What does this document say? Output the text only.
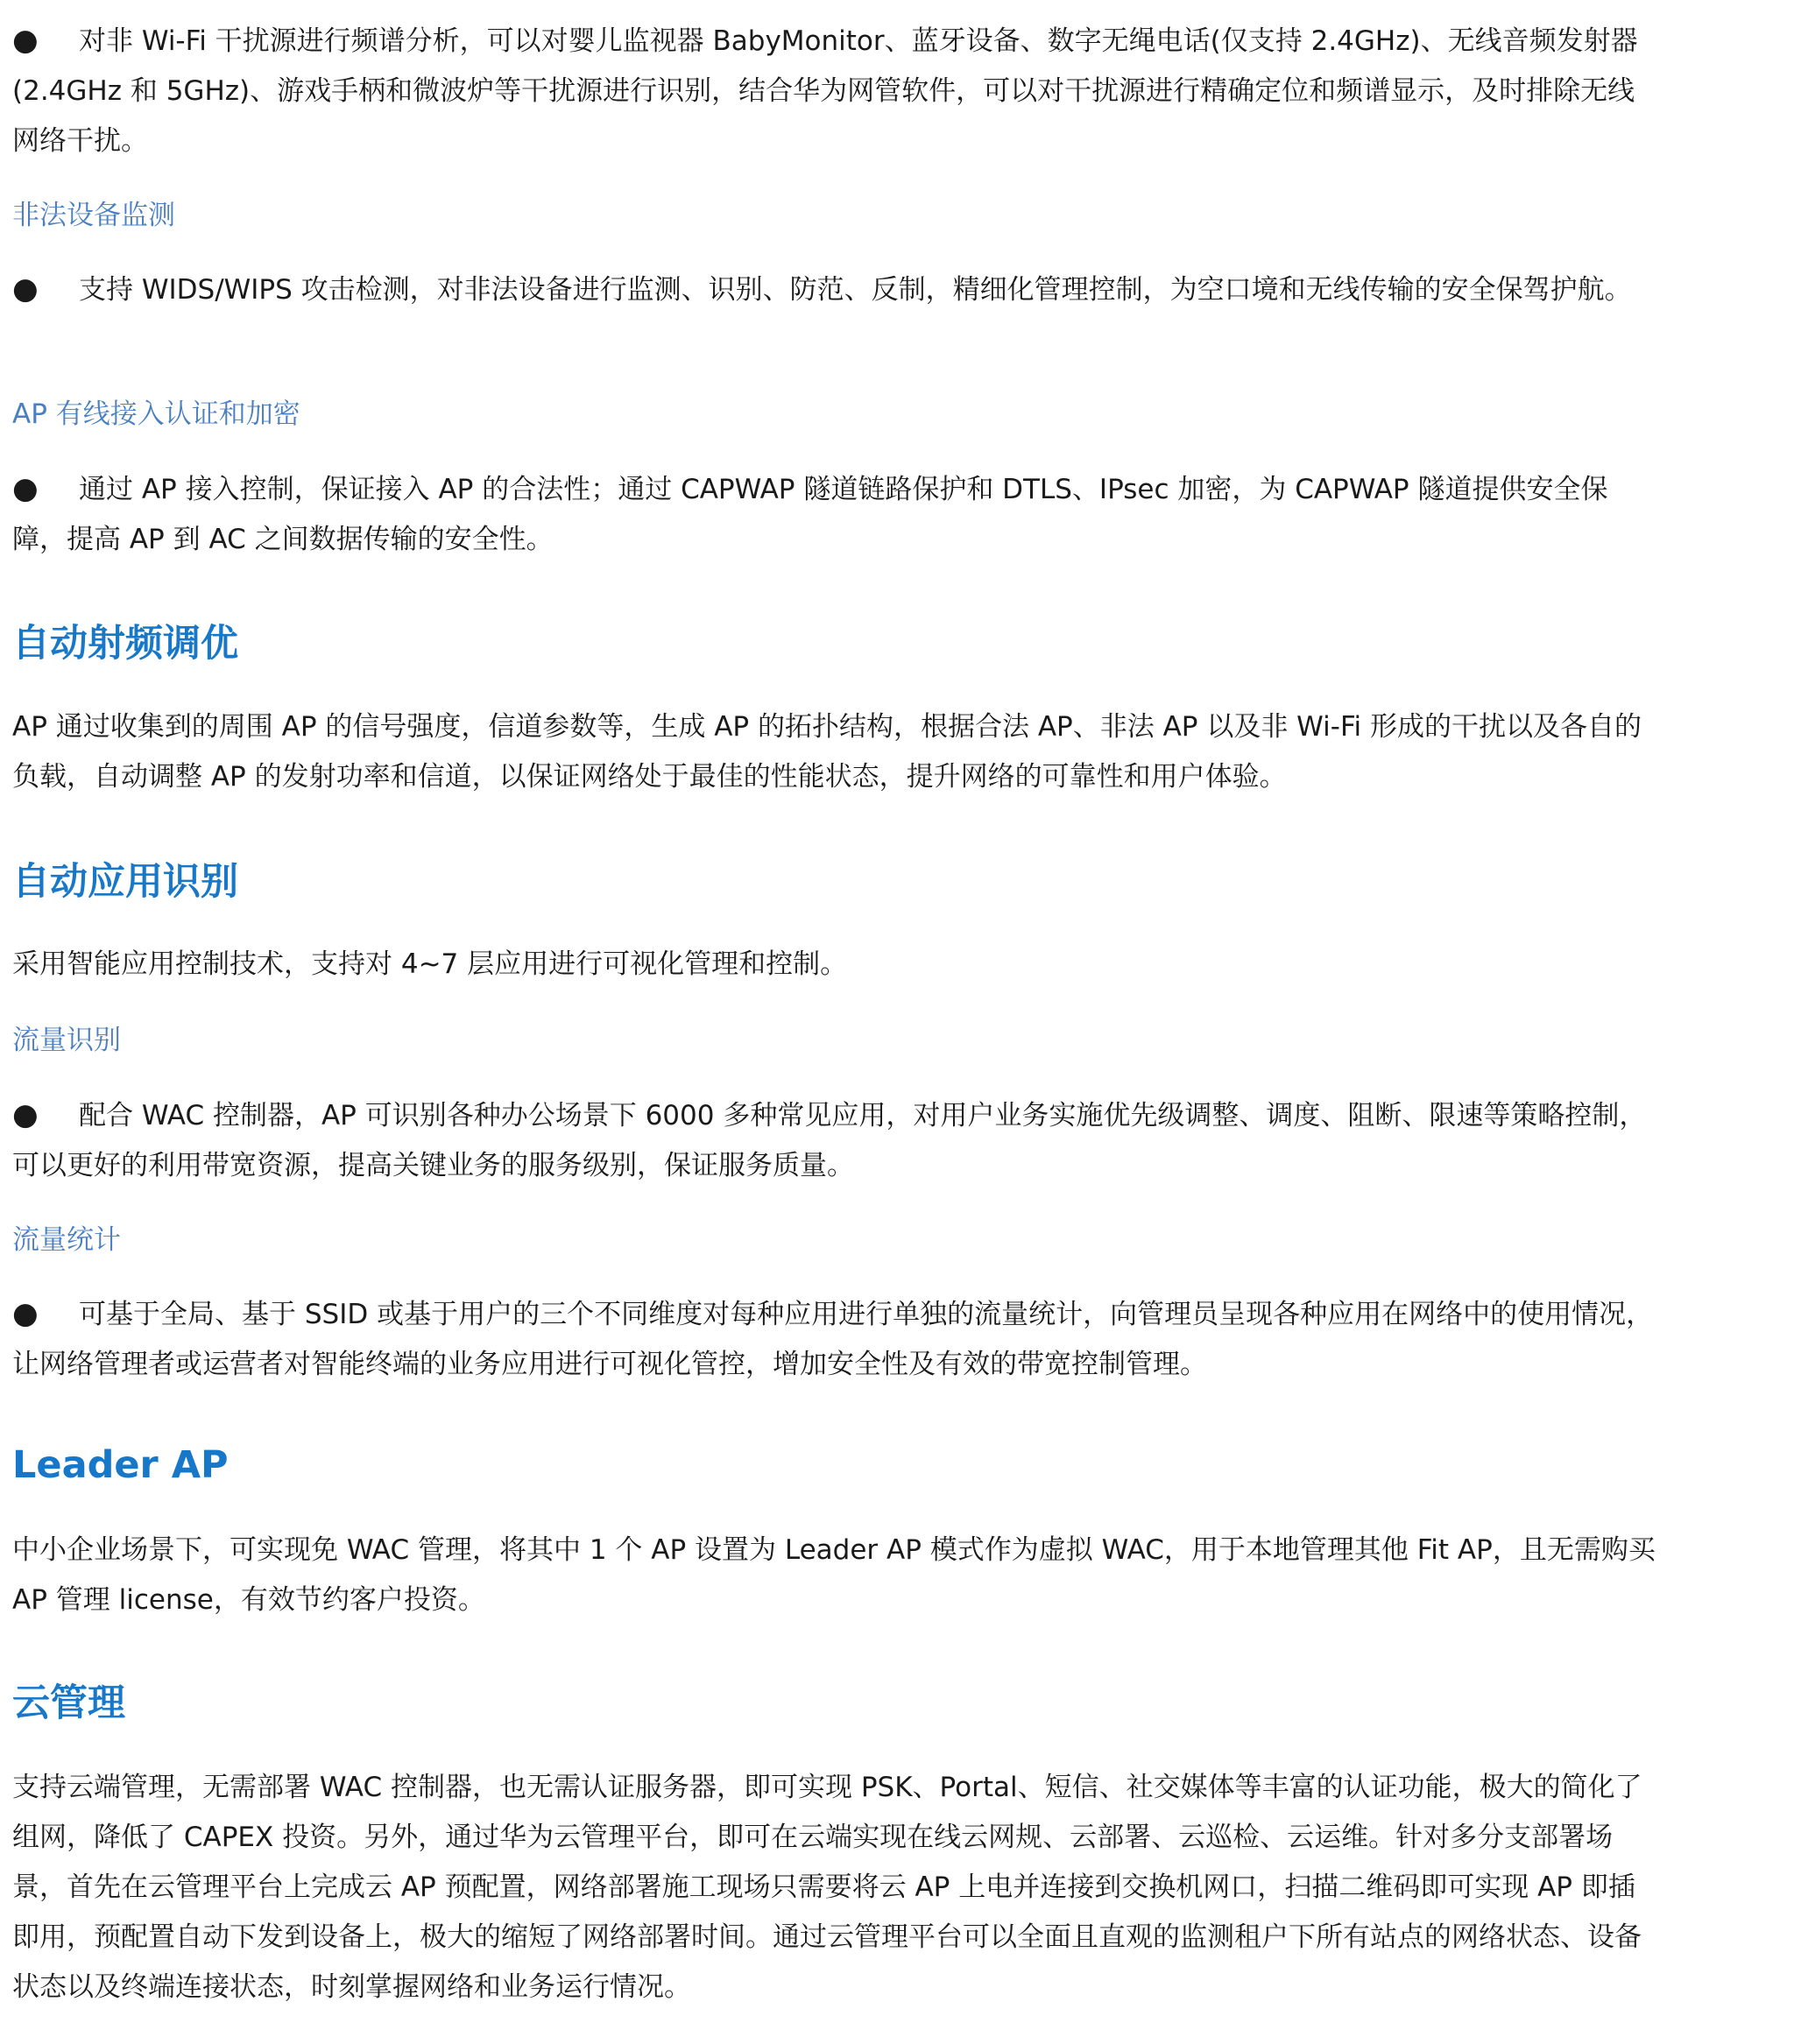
● 对非 Wi-Fi 干扰源进行频谱分析，可以对婴儿监视器 BabyMonitor、蓝牙设备、数字无绳电话(仅支持 2.4GHz)、无线音频发射器(2.4GHz 和 5GHz)、游戏手柄和微波炉等干扰源进行识别，结合华为网管软件，可以对干扰源进行精确定位和频谱显示，及时排除无线网络干扰。

非法设备监测

● 支持 WIDS/WIPS 攻击检测，对非法设备进行监测、识别、防范、反制，精细化管理控制，为空口境和无线传输的安全保驾护航。

AP 有线接入认证和加密

● 通过 AP 接入控制，保证接入 AP 的合法性；通过 CAPWAP 隧道链路保护和 DTLS、IPsec 加密，为 CAPWAP 隧道提供安全保障，提高 AP 到 AC 之间数据传输的安全性。

自动射频调优

AP 通过收集到的周围 AP 的信号强度，信道参数等，生成 AP 的拓扑结构，根据合法 AP、非法 AP 以及非 Wi-Fi 形成的干扰以及各自的负载，自动调整 AP 的发射功率和信道，以保证网络处于最佳的性能状态，提升网络的可靠性和用户体验。

自动应用识别

采用智能应用控制技术，支持对 4~7 层应用进行可视化管理和控制。

流量识别

● 配合 WAC 控制器，AP 可识别各种办公场景下 6000 多种常见应用，对用户业务实施优先级调整、调度、阻断、限速等策略控制，可以更好的利用带宽资源，提高关键业务的服务级别，保证服务质量。

流量统计

● 可基于全局、基于 SSID 或基于用户的三个不同维度对每种应用进行单独的流量统计，向管理员呈现各种应用在网络中的使用情况，让网络管理者或运营者对智能终端的业务应用进行可视化管控，增加安全性及有效的带宽控制管理。

Leader AP

中小企业场景下，可实现免 WAC 管理，将其中 1 个 AP 设置为 Leader AP 模式作为虚拟 WAC，用于本地管理其他 Fit AP，且无需购买 AP 管理 license，有效节约客户投资。

云管理

支持云端管理，无需部署 WAC 控制器，也无需认证服务器，即可实现 PSK、Portal、短信、社交媒体等丰富的认证功能，极大的简化了组网，降低了 CAPEX 投资。另外，通过华为云管理平台，即可在云端实现在线云网规、云部署、云巡检、云运维。针对多分支部署场景，首先在云管理平台上完成云 AP 预配置，网络部署施工现场只需要将云 AP 上电并连接到交换机网口，扫描二维码即可实现 AP 即插即用，预配置自动下发到设备上，极大的缩短了网络部署时间。通过云管理平台可以全面且直观的监测租户下所有站点的网络状态、设备状态以及终端连接状态，时刻掌握网络和业务运行情况。
